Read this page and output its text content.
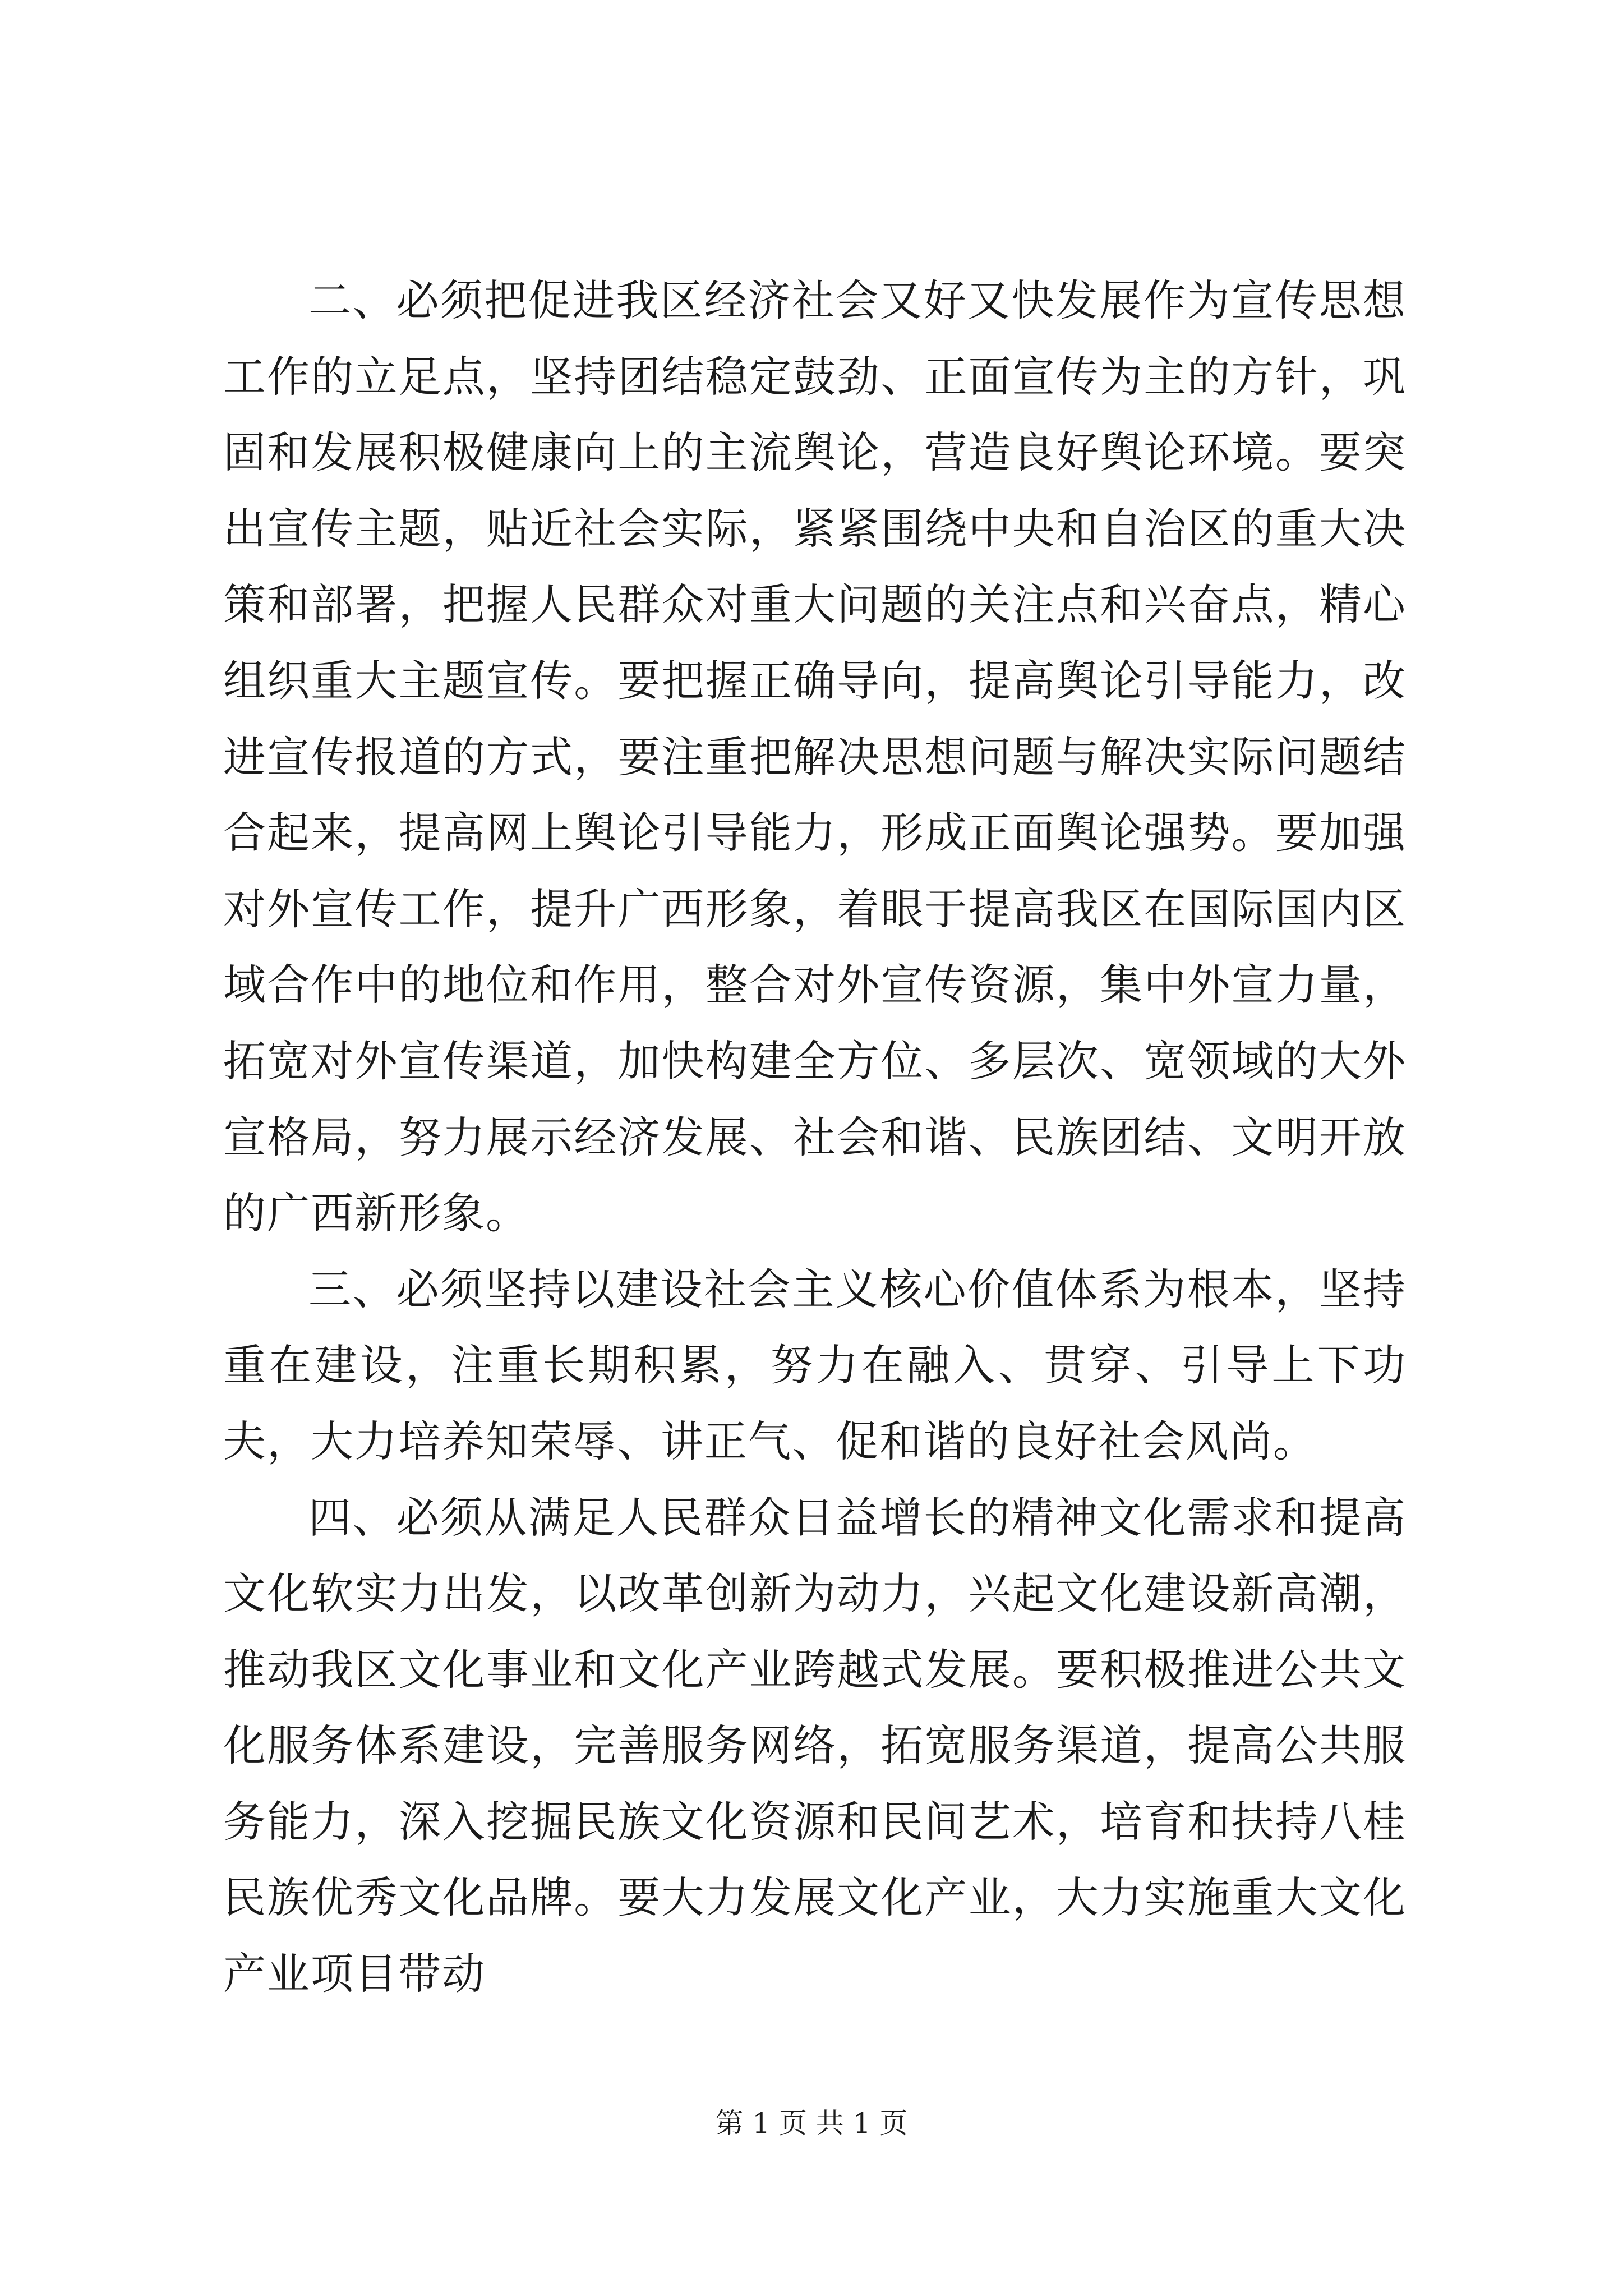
二、必须把促进我区经济社会又好又快发展作为宣传思想工作的立足点，坚持团结稳定鼓劲、正面宣传为主的方针，巩固和发展积极健康向上的主流舆论，营造良好舆论环境。要突出宣传主题，贴近社会实际，紧紧围绕中央和自治区的重大决策和部署，把握人民群众对重大问题的关注点和兴奋点，精心组织重大主题宣传。要把握正确导向，提高舆论引导能力，改进宣传报道的方式，要注重把解决思想问题与解决实际问题结合起来，提高网上舆论引导能力，形成正面舆论强势。要加强对外宣传工作，提升广西形象，着眼于提高我区在国际国内区域合作中的地位和作用，整合对外宣传资源，集中外宣力量，拓宽对外宣传渠道，加快构建全方位、多层次、宽领域的大外宣格局，努力展示经济发展、社会和谐、民族团结、文明开放的广西新形象。

三、必须坚持以建设社会主义核心价值体系为根本，坚持重在建设，注重长期积累，努力在融入、贯穿、引导上下功夫，大力培养知荣辱、讲正气、促和谐的良好社会风尚。

四、必须从满足人民群众日益增长的精神文化需求和提高文化软实力出发，以改革创新为动力，兴起文化建设新高潮，推动我区文化事业和文化产业跨越式发展。要积极推进公共文化服务体系建设，完善服务网络，拓宽服务渠道，提高公共服务能力，深入挖掘民族文化资源和民间艺术，培育和扶持八桂民族优秀文化品牌。要大力发展文化产业，大力实施重大文化产业项目带动

第 1 页 共 1 页
